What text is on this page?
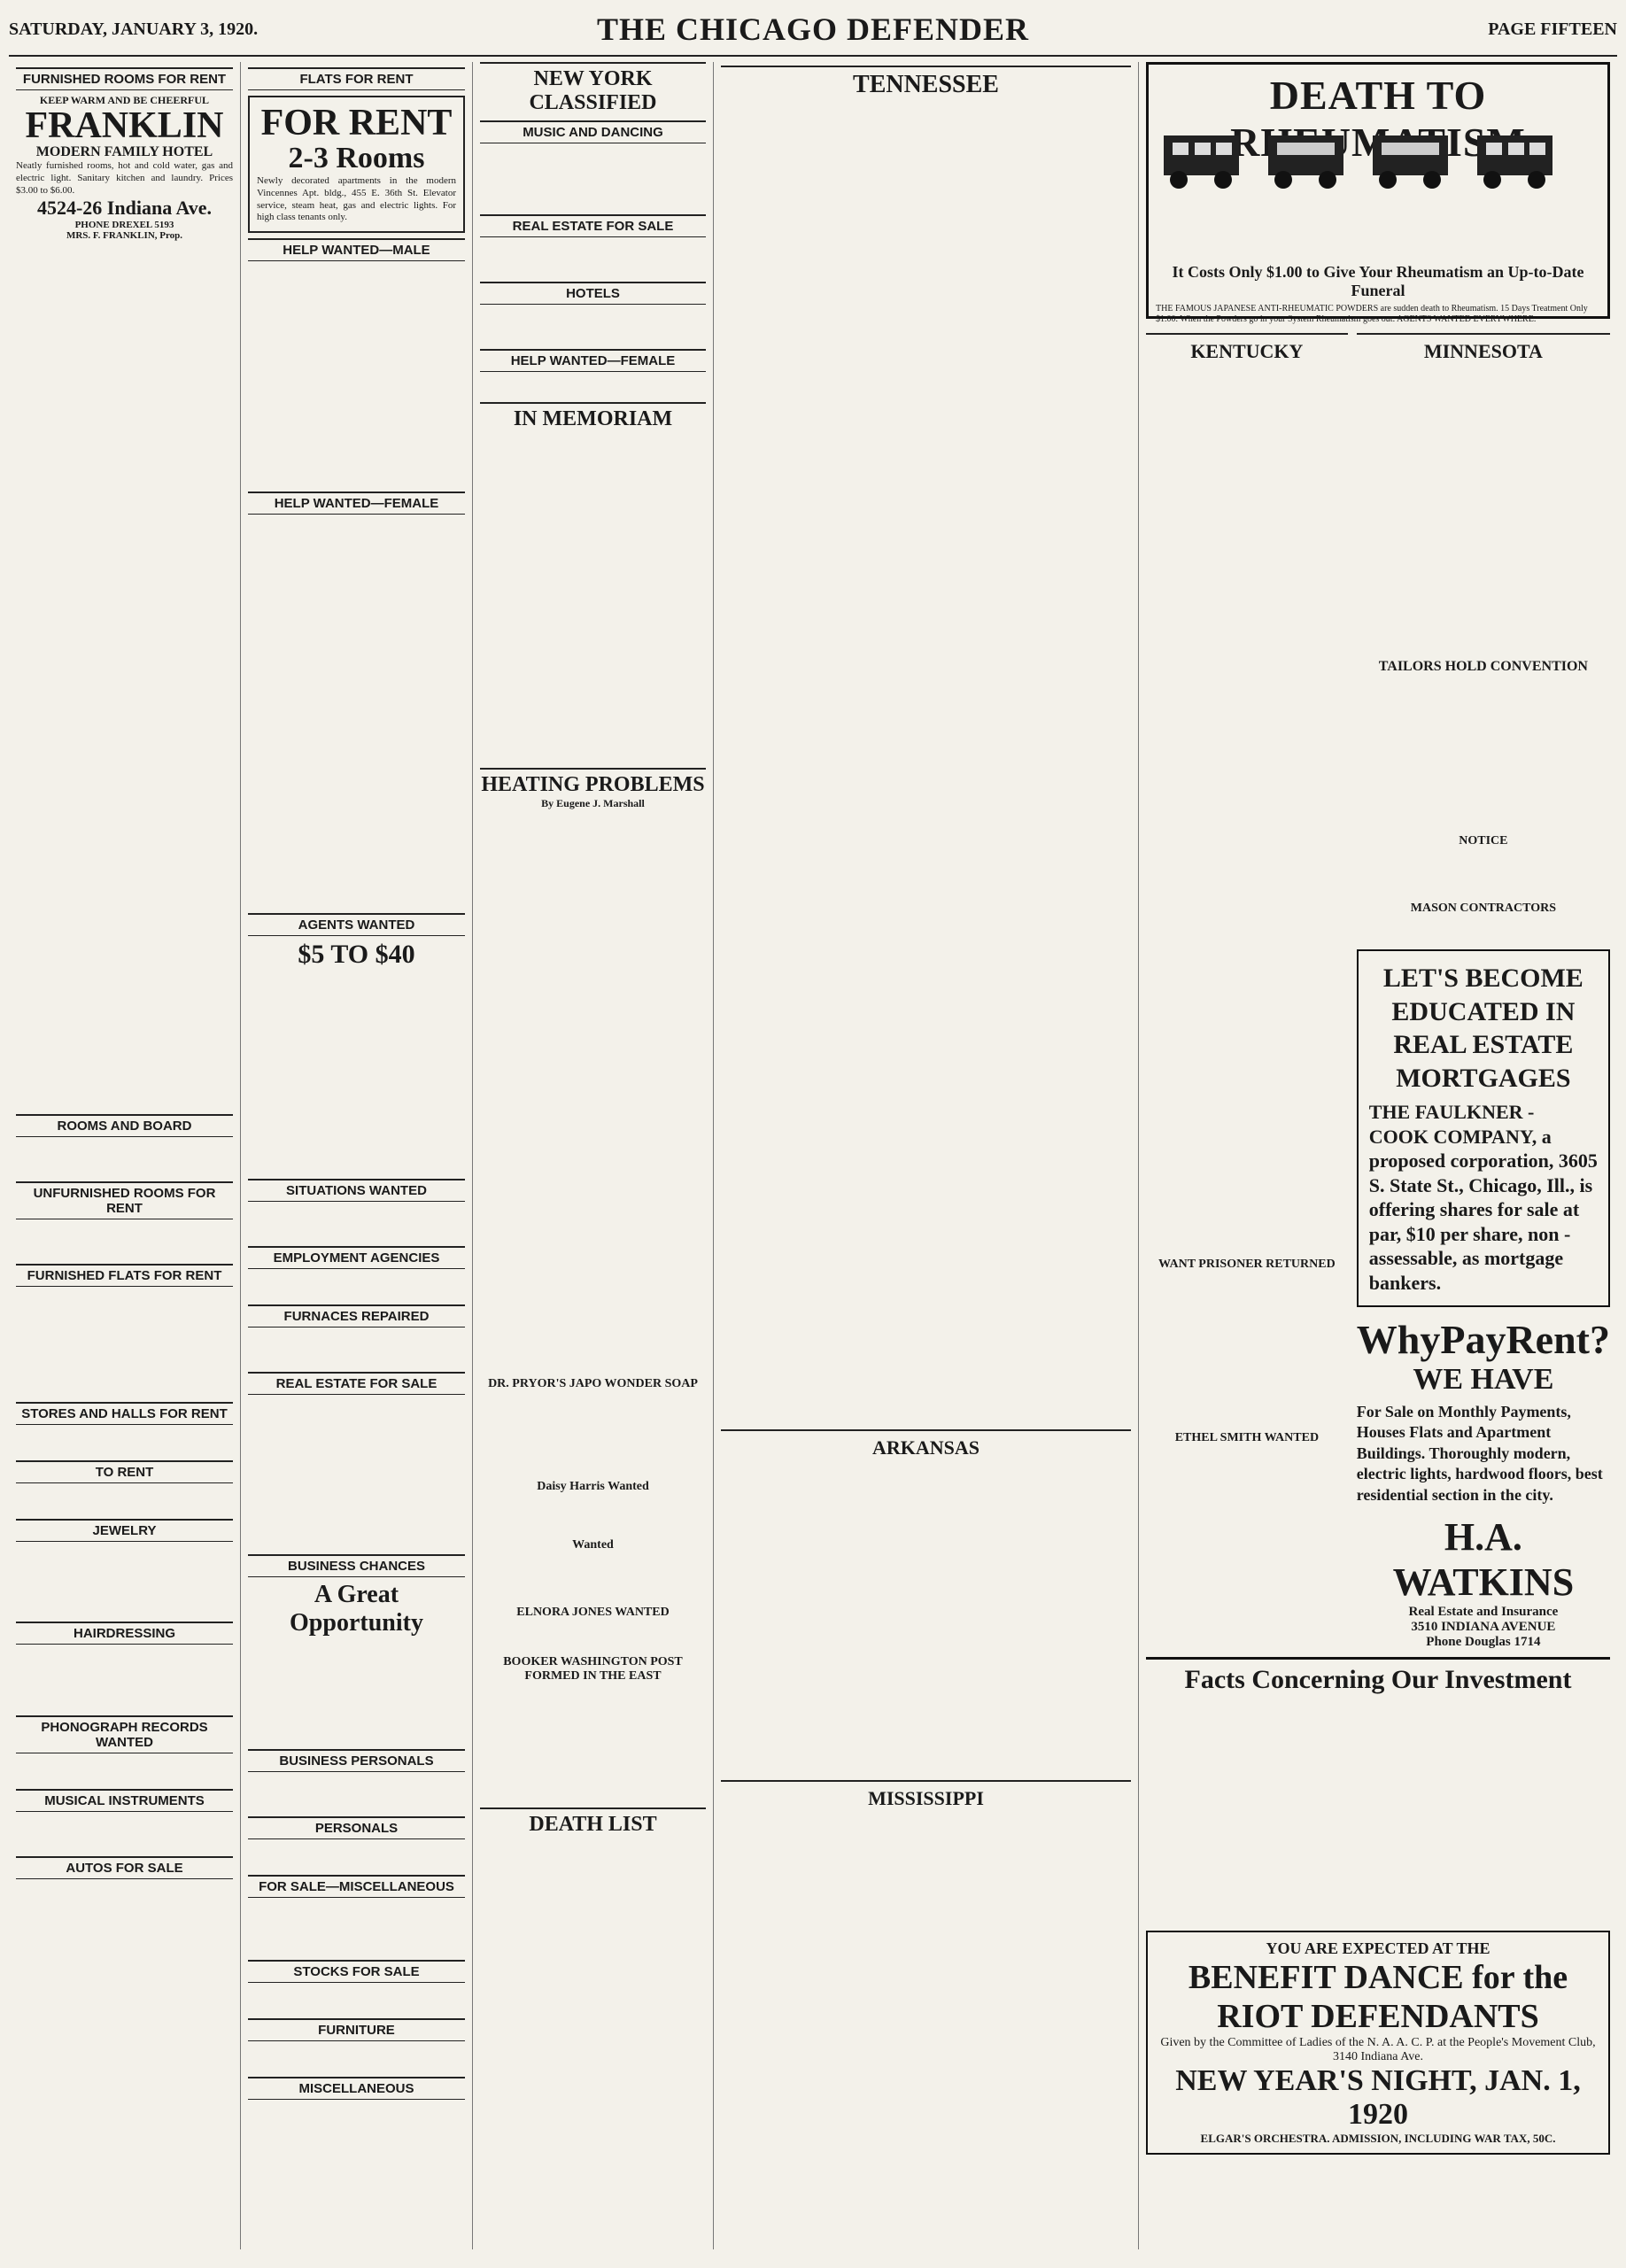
SATURDAY, JANUARY 3, 1920.	THE CHICAGO DEFENDER	PAGE FIFTEEN
FURNISHED ROOMS FOR RENT
KEEP WARM AND BE CHEERFUL
FRANKLIN
MODERN FAMILY HOTEL
Neatly furnished rooms, hot and cold water, gas and electric light. Sanitary kitchen and laundry. Prices $3.00 to $6.00.
4524-26 Indiana Ave.
PHONE DREXEL 5193
MRS. F. FRANKLIN, Prop.

ROOMS AND BOARD
UNFURNISHED ROOMS FOR RENT
FURNISHED FLATS FOR RENT
STORES AND HALLS FOR RENT
TO RENT
JEWELRY
HAIRDRESSING
PHONOGRAPH RECORDS WANTED
MUSICAL INSTRUMENTS
AUTOS FOR SALE
FLATS FOR RENT
FOR RENT
2-3 Rooms
Newly decorated apartments in the modern Vincennes Apt. bldg., 455 E. 36th St. Elevator service, steam heat, gas and electric lights. For high class tenants only.
HELP WANTED—MALE
HELP WANTED—FEMALE
AGENTS WANTED
$5 TO $40
SITUATIONS WANTED
EMPLOYMENT AGENCIES
FURNACES REPAIRED
REAL ESTATE FOR SALE
BUSINESS CHANCES
A Great Opportunity
BUSINESS PERSONALS
PERSONALS
FOR SALE—MISCELLANEOUS
STOCKS FOR SALE
FURNITURE
MISCELLANEOUS
NEW YORK CLASSIFIED
MUSIC AND DANCING
REAL ESTATE FOR SALE
HOTELS
HELP WANTED—FEMALE
IN MEMORIAM
HEATING PROBLEMS
By Eugene J. Marshall
DR. PRYOR'S JAPO WONDER SOAP
Daisy Harris Wanted
Wanted
ELNORA JONES WANTED
BOOKER WASHINGTON POST FORMED IN THE EAST
DEATH LIST
TENNESSEE
ARKANSAS
MISSISSIPPI
DEATH TO
It Costs Only $1.00 to Give Your Rheumatism an Up-to-Date Funeral
THE FAMOUS JAPANESE ANTI-RHEUMATIC POWDERS are sudden death to Rheumatism. 15 Days Treatment Only $1.00. When the Powders go in your System Rheumatism goes out. AGENTS WANTED EVERYWHERE.
KENTUCKY
WANT PRISONER RETURNED
ETHEL SMITH WANTED
MINNESOTA
TAILORS HOLD CONVENTION
NOTICE
MASON CONTRACTORS
LET'S BECOME EDUCATED IN REAL ESTATE MORTGAGES
THE FAULKNER - COOK COMPANY, a proposed corporation, 3605 S. State St., Chicago, Ill., is offering shares for sale at par, $10 per share, non - assessable, as mortgage bankers.
WhyPayRent?
WE HAVE
For Sale on Monthly Payments, Houses Flats and Apartment Buildings. Thoroughly modern, electric lights, hardwood floors, best residential section in the city.
H.A. WATKINS
Real Estate and Insurance
3510 INDIANA AVENUE
Phone Douglas 1714
Facts Concerning Our Investment
YOU ARE EXPECTED AT THE
BENEFIT DANCE for the RIOT DEFENDANTS
Given by the Committee of Ladies of the N. A. A. C. P. at the People's Movement Club, 3140 Indiana Ave.
NEW YEAR'S NIGHT, JAN. 1, 1920
ELGAR'S ORCHESTRA. ADMISSION, INCLUDING WAR TAX, 50C.
